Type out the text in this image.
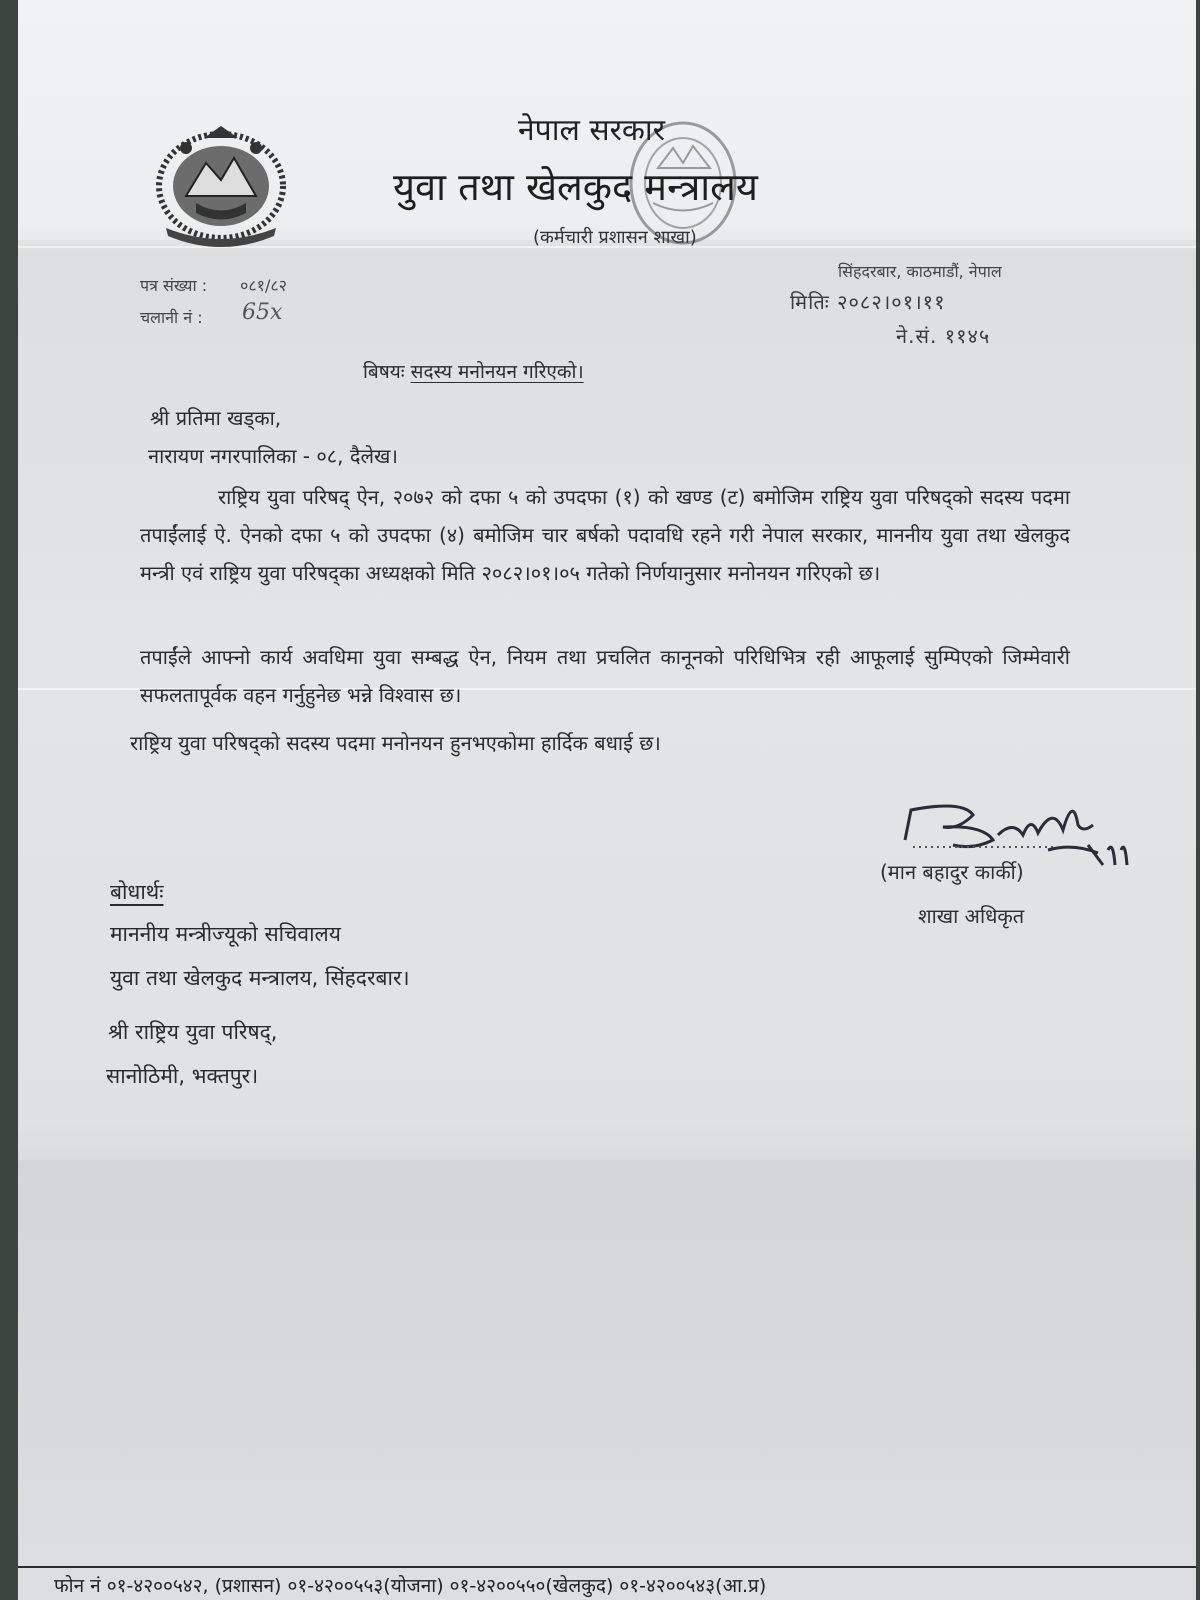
नेपाल सरकार
युवा तथा खेलकुद मन्त्रालय
(कर्मचारी प्रशासन शाखा)
पत्र संख्या : ०८१/८२
चलानी नं : 65x
सिंहदरबार, काठमाडौं, नेपाल
मितिः २०८२।०१।११
ने.सं. ११४५
बिषयः सदस्य मनोनयन गरिएको।
श्री प्रतिमा खड्का,
नारायण नगरपालिका - ०८, दैलेख।
राष्ट्रिय युवा परिषद् ऐन, २०७२ को दफा ५ को उपदफा (१) को खण्ड (ट) बमोजिम राष्ट्रिय युवा परिषद्को सदस्य पदमा तपाईंलाई ऐ. ऐनको दफा ५ को उपदफा (४) बमोजिम चार बर्षको पदावधि रहने गरी नेपाल सरकार, माननीय युवा तथा खेलकुद मन्त्री एवं राष्ट्रिय युवा परिषद्का अध्यक्षको मिति २०८२।०१।०५ गतेको निर्णयानुसार मनोनयन गरिएको छ।
तपाईंले आफ्नो कार्य अवधिमा युवा सम्बद्ध ऐन, नियम तथा प्रचलित कानूनको परिधिभित्र रही आफूलाई सुम्पिएको जिम्मेवारी सफलतापूर्वक वहन गर्नुहुनेछ भन्ने विश्वास छ।
राष्ट्रिय युवा परिषद्को सदस्य पदमा मनोनयन हुनभएकोमा हार्दिक बधाई छ।
(मान बहादुर कार्की)
शाखा अधिकृत
बोधार्थः
माननीय मन्त्रीज्यूको सचिवालय
युवा तथा खेलकुद मन्त्रालय, सिंहदरबार।
श्री राष्ट्रिय युवा परिषद्,
सानोठिमी, भक्तपुर।
फोन नं ०१-४२००५४२, (प्रशासन) ०१-४२००५५३(योजना) ०१-४२००५५०(खेलकुद) ०१-४२००५४३(आ.प्र)
